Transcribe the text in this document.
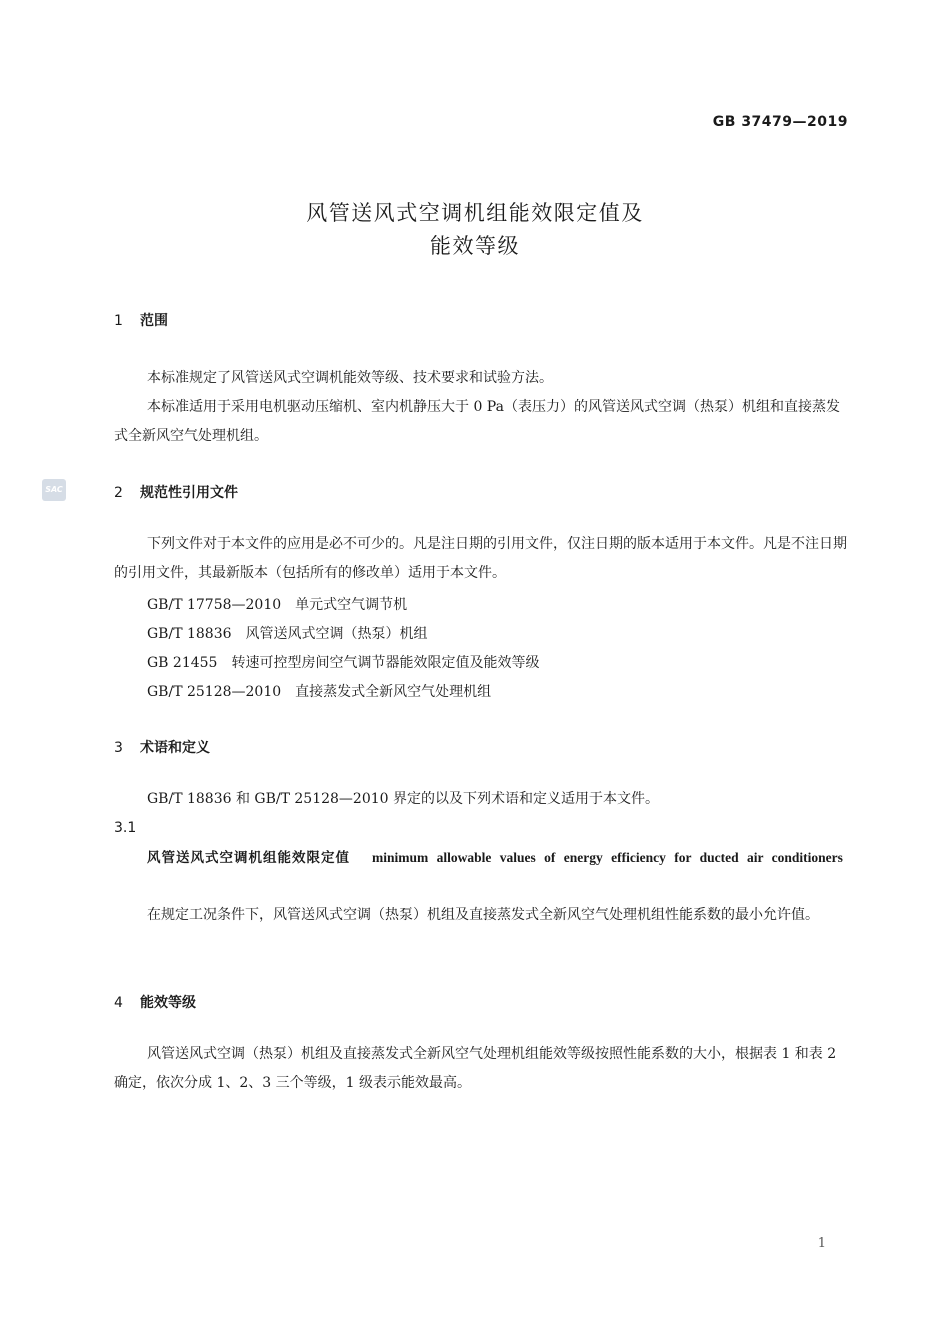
GB 37479—2019
风管送风式空调机组能效限定值及
能效等级
SAC
1 范围
本标准规定了风管送风式空调机能效等级、技术要求和试验方法。
本标准适用于采用电机驱动压缩机、室内机静压大于 0 Pa（表压力）的风管送风式空调（热泵）机组和直接蒸发式全新风空气处理机组。
2 规范性引用文件
下列文件对于本文件的应用是必不可少的。凡是注日期的引用文件，仅注日期的版本适用于本文件。凡是不注日期的引用文件，其最新版本（包括所有的修改单）适用于本文件。
GB/T 17758—2010 单元式空气调节机
GB/T 18836 风管送风式空调（热泵）机组
GB 21455 转速可控型房间空气调节器能效限定值及能效等级
GB/T 25128—2010 直接蒸发式全新风空气处理机组
3 术语和定义
GB/T 18836 和 GB/T 25128—2010 界定的以及下列术语和定义适用于本文件。
3.1
风管送风式空调机组能效限定值 minimum allowable values of energy efficiency for ducted air conditioners
在规定工况条件下，风管送风式空调（热泵）机组及直接蒸发式全新风空气处理机组性能系数的最小允许值。
4 能效等级
风管送风式空调（热泵）机组及直接蒸发式全新风空气处理机组能效等级按照性能系数的大小，根据表 1 和表 2 确定，依次分成 1、2、3 三个等级，1 级表示能效最高。
1
